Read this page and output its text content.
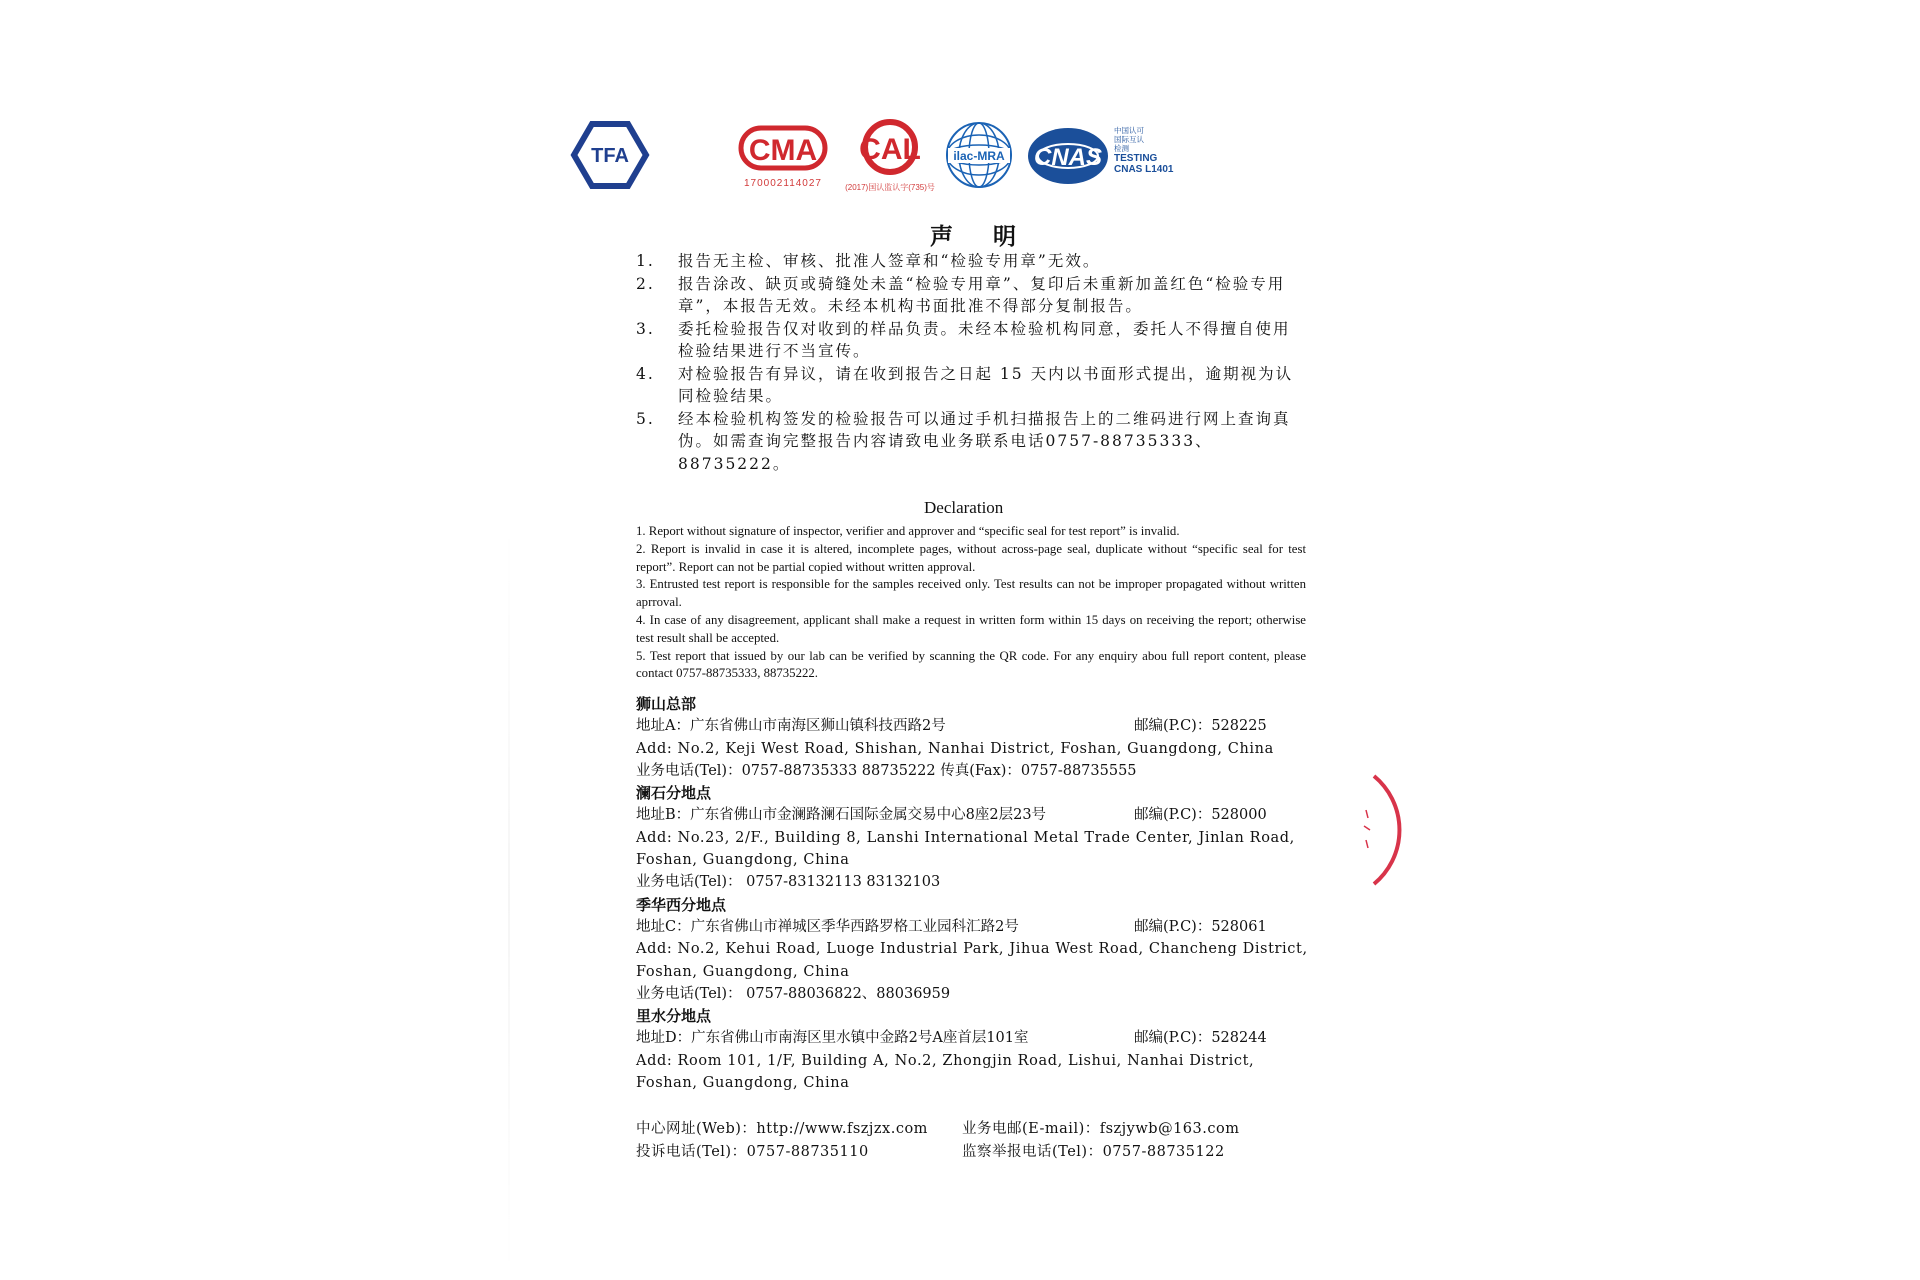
TFA	CMA
170002114027
CAL
(2017)国认监认字(735)号
ilac-MRA CNAS
中国认可
国际互认
检测
TESTING
CNAS L1401
声 明
1.	报告无主检、审核、批准人签章和“检验专用章”无效。
2.	报告涂改、缺页或骑缝处未盖“检验专用章”、复印后未重新加盖红色“检验专用章”，本报告无效。未经本机构书面批准不得部分复制报告。
3.	委托检验报告仅对收到的样品负责。未经本检验机构同意，委托人不得擅自使用检验结果进行不当宣传。
4.	对检验报告有异议，请在收到报告之日起 15 天内以书面形式提出，逾期视为认同检验结果。
5.	经本检验机构签发的检验报告可以通过手机扫描报告上的二维码进行网上查询真伪。如需查询完整报告内容请致电业务联系电话0757-88735333、88735222。
Declaration

1. Report without signature of inspector, verifier and approver and “specific seal for test report” is invalid.

2. Report is invalid in case it is altered, incomplete pages, without across-page seal, duplicate without “specific seal for test report”. Report can not be partial copied without written approval.

3. Entrusted test report is responsible for the samples received only. Test results can not be improper propagated without written aprroval.

4. In case of any disagreement, applicant shall make a request in written form within 15 days on receiving the report; otherwise test result shall be accepted.

5. Test report that issued by our lab can be verified by scanning the QR code. For any enquiry abou full report content, please contact 0757-88735333, 88735222.

狮山总部
地址A：广东省佛山市南海区狮山镇科技西路2号	邮编(P.C)：528225
Add: No.2, Keji West Road, Shishan, Nanhai District, Foshan, Guangdong, China
业务电话(Tel)：0757-88735333 88735222 传真(Fax)：0757-88735555
澜石分地点
地址B：广东省佛山市金澜路澜石国际金属交易中心8座2层23号	邮编(P.C)：528000
Add: No.23, 2/F., Building 8, Lanshi International Metal Trade Center, Jinlan Road, Foshan, Guangdong, China
业务电话(Tel)： 0757-83132113 83132103
季华西分地点
地址C：广东省佛山市禅城区季华西路罗格工业园科汇路2号	邮编(P.C)：528061
Add: No.2, Kehui Road, Luoge Industrial Park, Jihua West Road, Chancheng District, Foshan, Guangdong, China
业务电话(Tel)： 0757-88036822、88036959
里水分地点
地址D：广东省佛山市南海区里水镇中金路2号A座首层101室	邮编(P.C)：528244
Add: Room 101, 1/F, Building A, No.2, Zhongjin Road, Lishui, Nanhai District, Foshan, Guangdong, China
中心网址(Web)：http://www.fszjzx.com 业务电邮(E-mail)：fszjywb@163.com
投诉电话(Tel)：0757-88735110	监察举报电话(Tel)：0757-88735122
